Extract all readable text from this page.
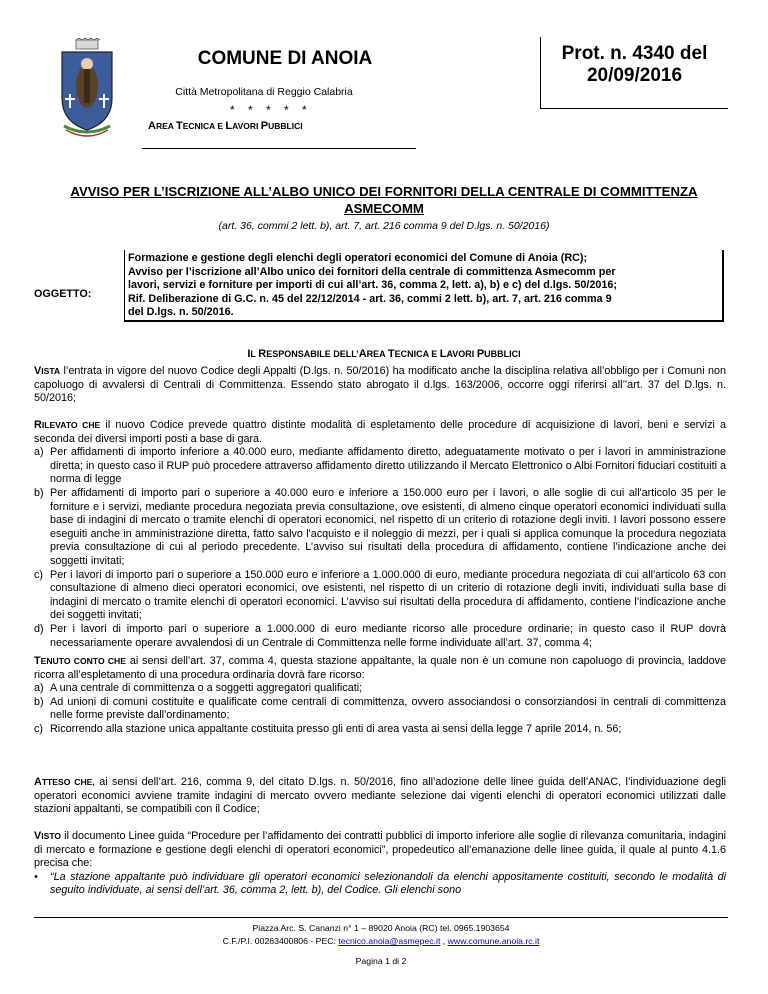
COMUNE DI ANOIA
Città Metropolitana di Reggio Calabria
* * * * *
AREA TECNICA E LAVORI PUBBLICI
Prot. n. 4340 del
20/09/2016
AVVISO PER L’ISCRIZIONE ALL’ALBO UNICO DEI FORNITORI DELLA CENTRALE DI COMMITTENZA ASMECOMM
(art. 36, commi 2 lett. b), art. 7, art. 216 comma 9 del D.lgs. n. 50/2016)
OGGETTO:
Formazione e gestione degli elenchi degli operatori economici del Comune di Anoia (RC);
Avviso per l’iscrizione all’Albo unico dei fornitori della centrale di committenza Asmecomm per
lavori, servizi e forniture per importi di cui all’art. 36, comma 2, lett. a), b) e c) del d.lgs. 50/2016;
Rif. Deliberazione di G.C. n. 45 del 22/12/2014 - art. 36, commi 2 lett. b), art. 7, art. 216 comma 9
del D.lgs. n. 50/2016.
IL RESPONSABILE DELL’AREA TECNICA E LAVORI PUBBLICI
VISTA l’entrata in vigore del nuovo Codice degli Appalti (D.lgs. n. 50/2016) ha modificato anche la disciplina relativa all’obbligo per i Comuni non capoluogo di avvalersi di Centrali di Committenza. Essendo stato abrogato il d.lgs. 163/2006, occorre oggi riferirsi all’’art. 37 del D.lgs. n. 50/2016;
RILEVATO CHE il nuovo Codice prevede quattro distinte modalità di espletamento delle procedure di acquisizione di lavori, beni e servizi a seconda dei diversi importi posti a base di gara.
a) Per affidamenti di importo inferiore a 40.000 euro, mediante affidamento diretto, adeguatamente motivato o per i lavori in amministrazione diretta; in questo caso il RUP può procedere attraverso affidamento diretto utilizzando il Mercato Elettronico o Albi Fornitori fiduciari costituiti a norma di legge
b) Per affidamenti di importo pari o superiore a 40.000 euro e inferiore a 150.000 euro per i lavori, o alle soglie di cui all'articolo 35 per le forniture e i servizi, mediante procedura negoziata previa consultazione, ove esistenti, di almeno cinque operatori economici individuati sulla base di indagini di mercato o tramite elenchi di operatori economici, nel rispetto di un criterio di rotazione degli inviti. I lavori possono essere eseguiti anche in amministrazione diretta, fatto salvo l'acquisto e il noleggio di mezzi, per i quali si applica comunque la procedura negoziata previa consultazione di cui al periodo precedente. L’avviso sui risultati della procedura di affidamento, contiene l’indicazione anche dei soggetti invitati;
c) Per i lavori di importo pari o superiore a 150.000 euro e inferiore a 1.000.000 di euro, mediante procedura negoziata di cui all'articolo 63 con consultazione di almeno dieci operatori economici, ove esistenti, nel rispetto di un criterio di rotazione degli inviti, individuati sulla base di indagini di mercato o tramite elenchi di operatori economici. L’avviso sui risultati della procedura di affidamento, contiene l’indicazione anche dei soggetti invitati;
d) Per i lavori di importo pari o superiore a 1.000.000 di euro mediante ricorso alle procedure ordinarie; in questo caso il RUP dovrà necessariamente operare avvalendosi di un Centrale di Committenza nelle forme individuate all’art. 37, comma 4;
TENUTO CONTO CHE ai sensi dell’art. 37, comma 4, questa stazione appaltante, la quale non è un comune non capoluogo di provincia, laddove ricorra all’espletamento di una procedura ordinaria dovrà fare ricorso:
a) A una centrale di committenza o a soggetti aggregatori qualificati;
b) Ad unioni di comuni costituite e qualificate come centrali di committenza, ovvero associandosi o consorziandosi in centrali di committenza nelle forme previste dall’ordinamento;
c) Ricorrendo alla stazione unica appaltante costituita presso gli enti di area vasta ai sensi della legge 7 aprile 2014, n. 56;
ATTESO CHE, ai sensi dell’art. 216, comma 9, del citato D.lgs. n. 50/2016, fino all’adozione delle linee guida dell’ANAC, l’individuazione degli operatori economici avviene tramite indagini di mercato ovvero mediante selezione dai vigenti elenchi di operatori economici utilizzati dalle stazioni appaltanti, se compatibili con il Codice;
VISTO il documento Linee guida “Procedure per l’affidamento dei contratti pubblici di importo inferiore alle soglie di rilevanza comunitaria, indagini di mercato e formazione e gestione degli elenchi di operatori economici”, propedeutico all’emanazione delle linee guida, il quale al punto 4.1.6 precisa che:
• “La stazione appaltante può individuare gli operatori economici selezionandoli da elenchi appositamente costituiti, secondo le modalità di seguito individuate, ai sensi dell’art. 36, comma 2, lett. b), del Codice. Gli elenchi sono
Piazza Arc. S. Cananzi n° 1 – 89020 Anoia (RC) tel. 0965.1903654
C.F./P.I. 00263400806 - PEC: tecnico.anoia@asmepec.it , www.comune.anoia.rc.it
Pagina 1 di 2
